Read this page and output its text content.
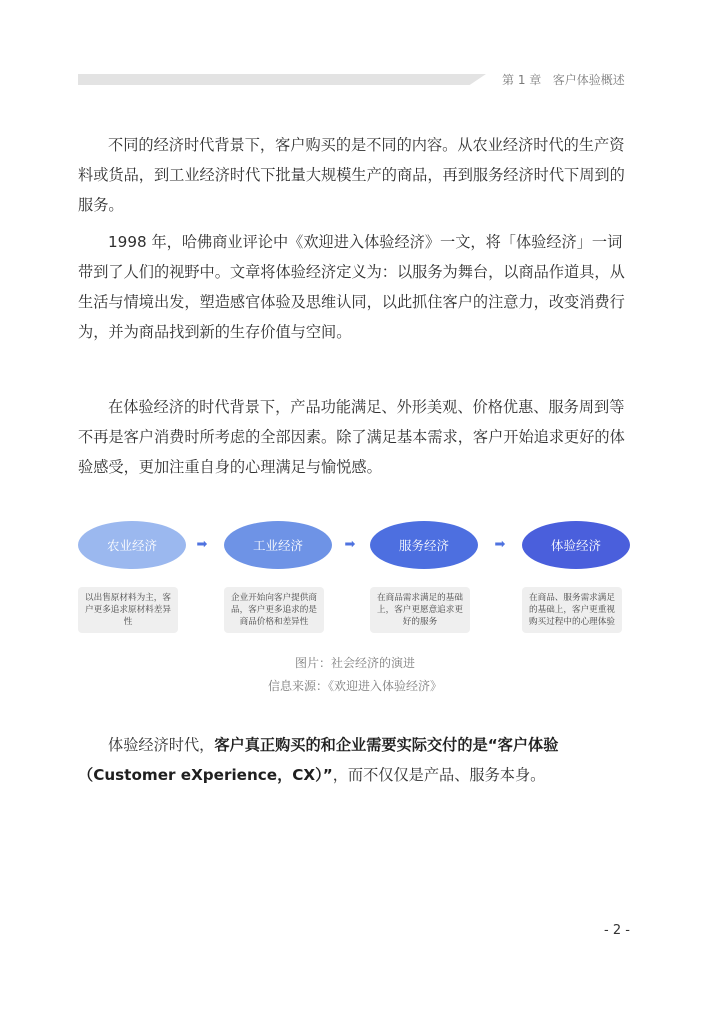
第 1 章   客户体验概述

不同的经济时代背景下，客户购买的是不同的内容。从农业经济时代的生产资料或货品，到工业经济时代下批量大规模生产的商品，再到服务经济时代下周到的服务。

1998 年，哈佛商业评论中《欢迎进入体验经济》一文，将「体验经济」一词带到了人们的视野中。文章将体验经济定义为：以服务为舞台，以商品作道具，从生活与情境出发，塑造感官体验及思维认同，以此抓住客户的注意力，改变消费行为，并为商品找到新的生存价值与空间。

在体验经济的时代背景下，产品功能满足、外形美观、价格优惠、服务周到等不再是客户消费时所考虑的全部因素。除了满足基本需求，客户开始追求更好的体验感受，更加注重自身的心理满足与愉悦感。

农业经济	➡	工业经济	➡	服务经济	➡	体验经济
以出售原材料为主，客户更多追求原材料差异性
企业开始向客户提供商品，客户更多追求的是商品价格和差异性
在商品需求满足的基础上，客户更愿意追求更好的服务
在商品、服务需求满足的基础上，客户更重视购买过程中的心理体验
图片：社会经济的演进
信息来源：《欢迎进入体验经济》

体验经济时代，客户真正购买的和企业需要实际交付的是“客户体验（Customer eXperience，CX）”，而不仅仅是产品、服务本身。

- 2 -
